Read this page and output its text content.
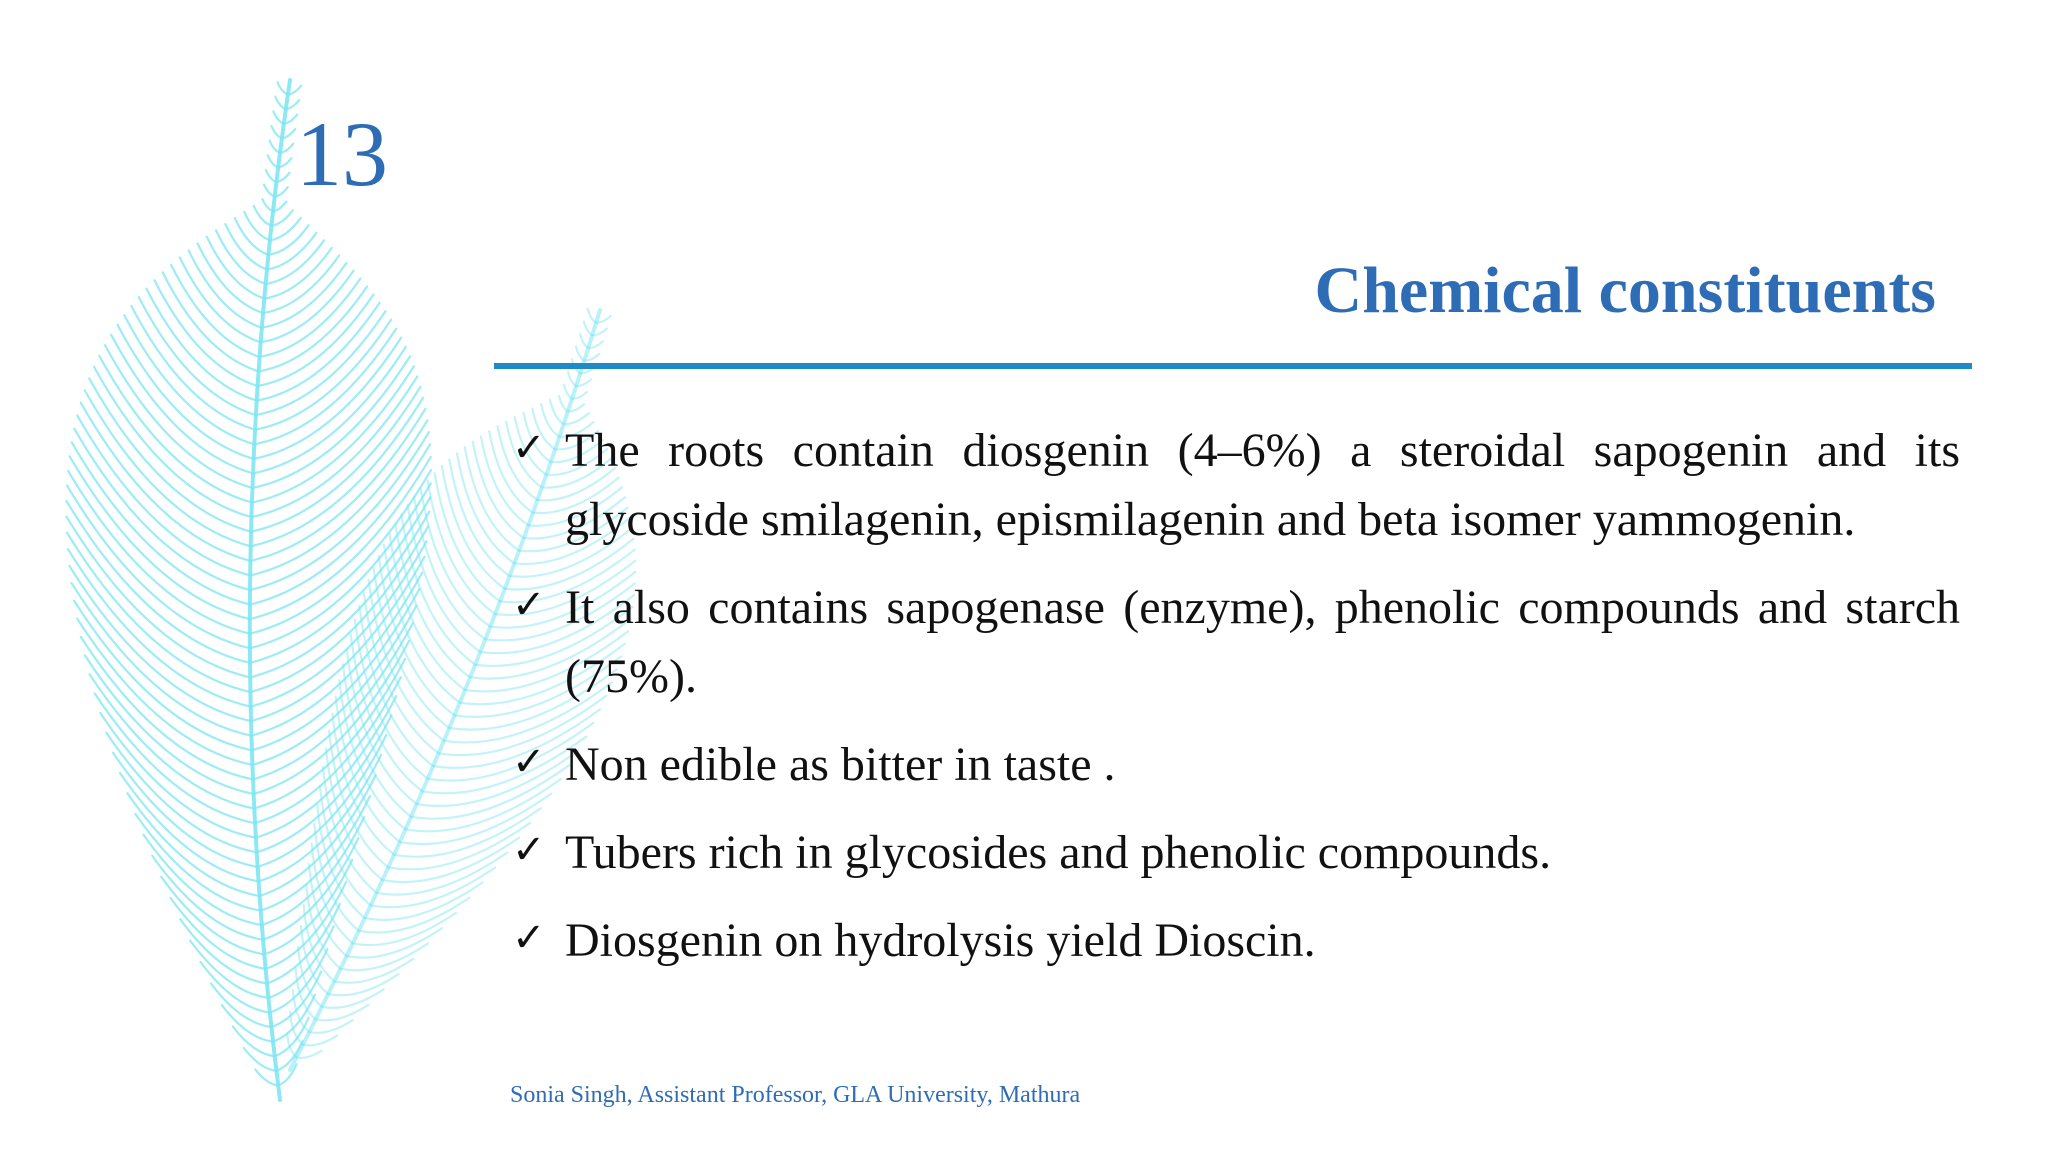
13
Chemical constituents
✓ The roots contain diosgenin (4–6%) a steroidal sapogenin and its glycoside smilagenin, epismilagenin and beta isomer yammogenin.
✓ It also contains sapogenase (enzyme), phenolic compounds and starch (75%).
✓ Non edible as bitter in taste .
✓ Tubers rich in glycosides and phenolic compounds.
✓ Diosgenin on hydrolysis yield Dioscin.
Sonia Singh, Assistant Professor, GLA University, Mathura
